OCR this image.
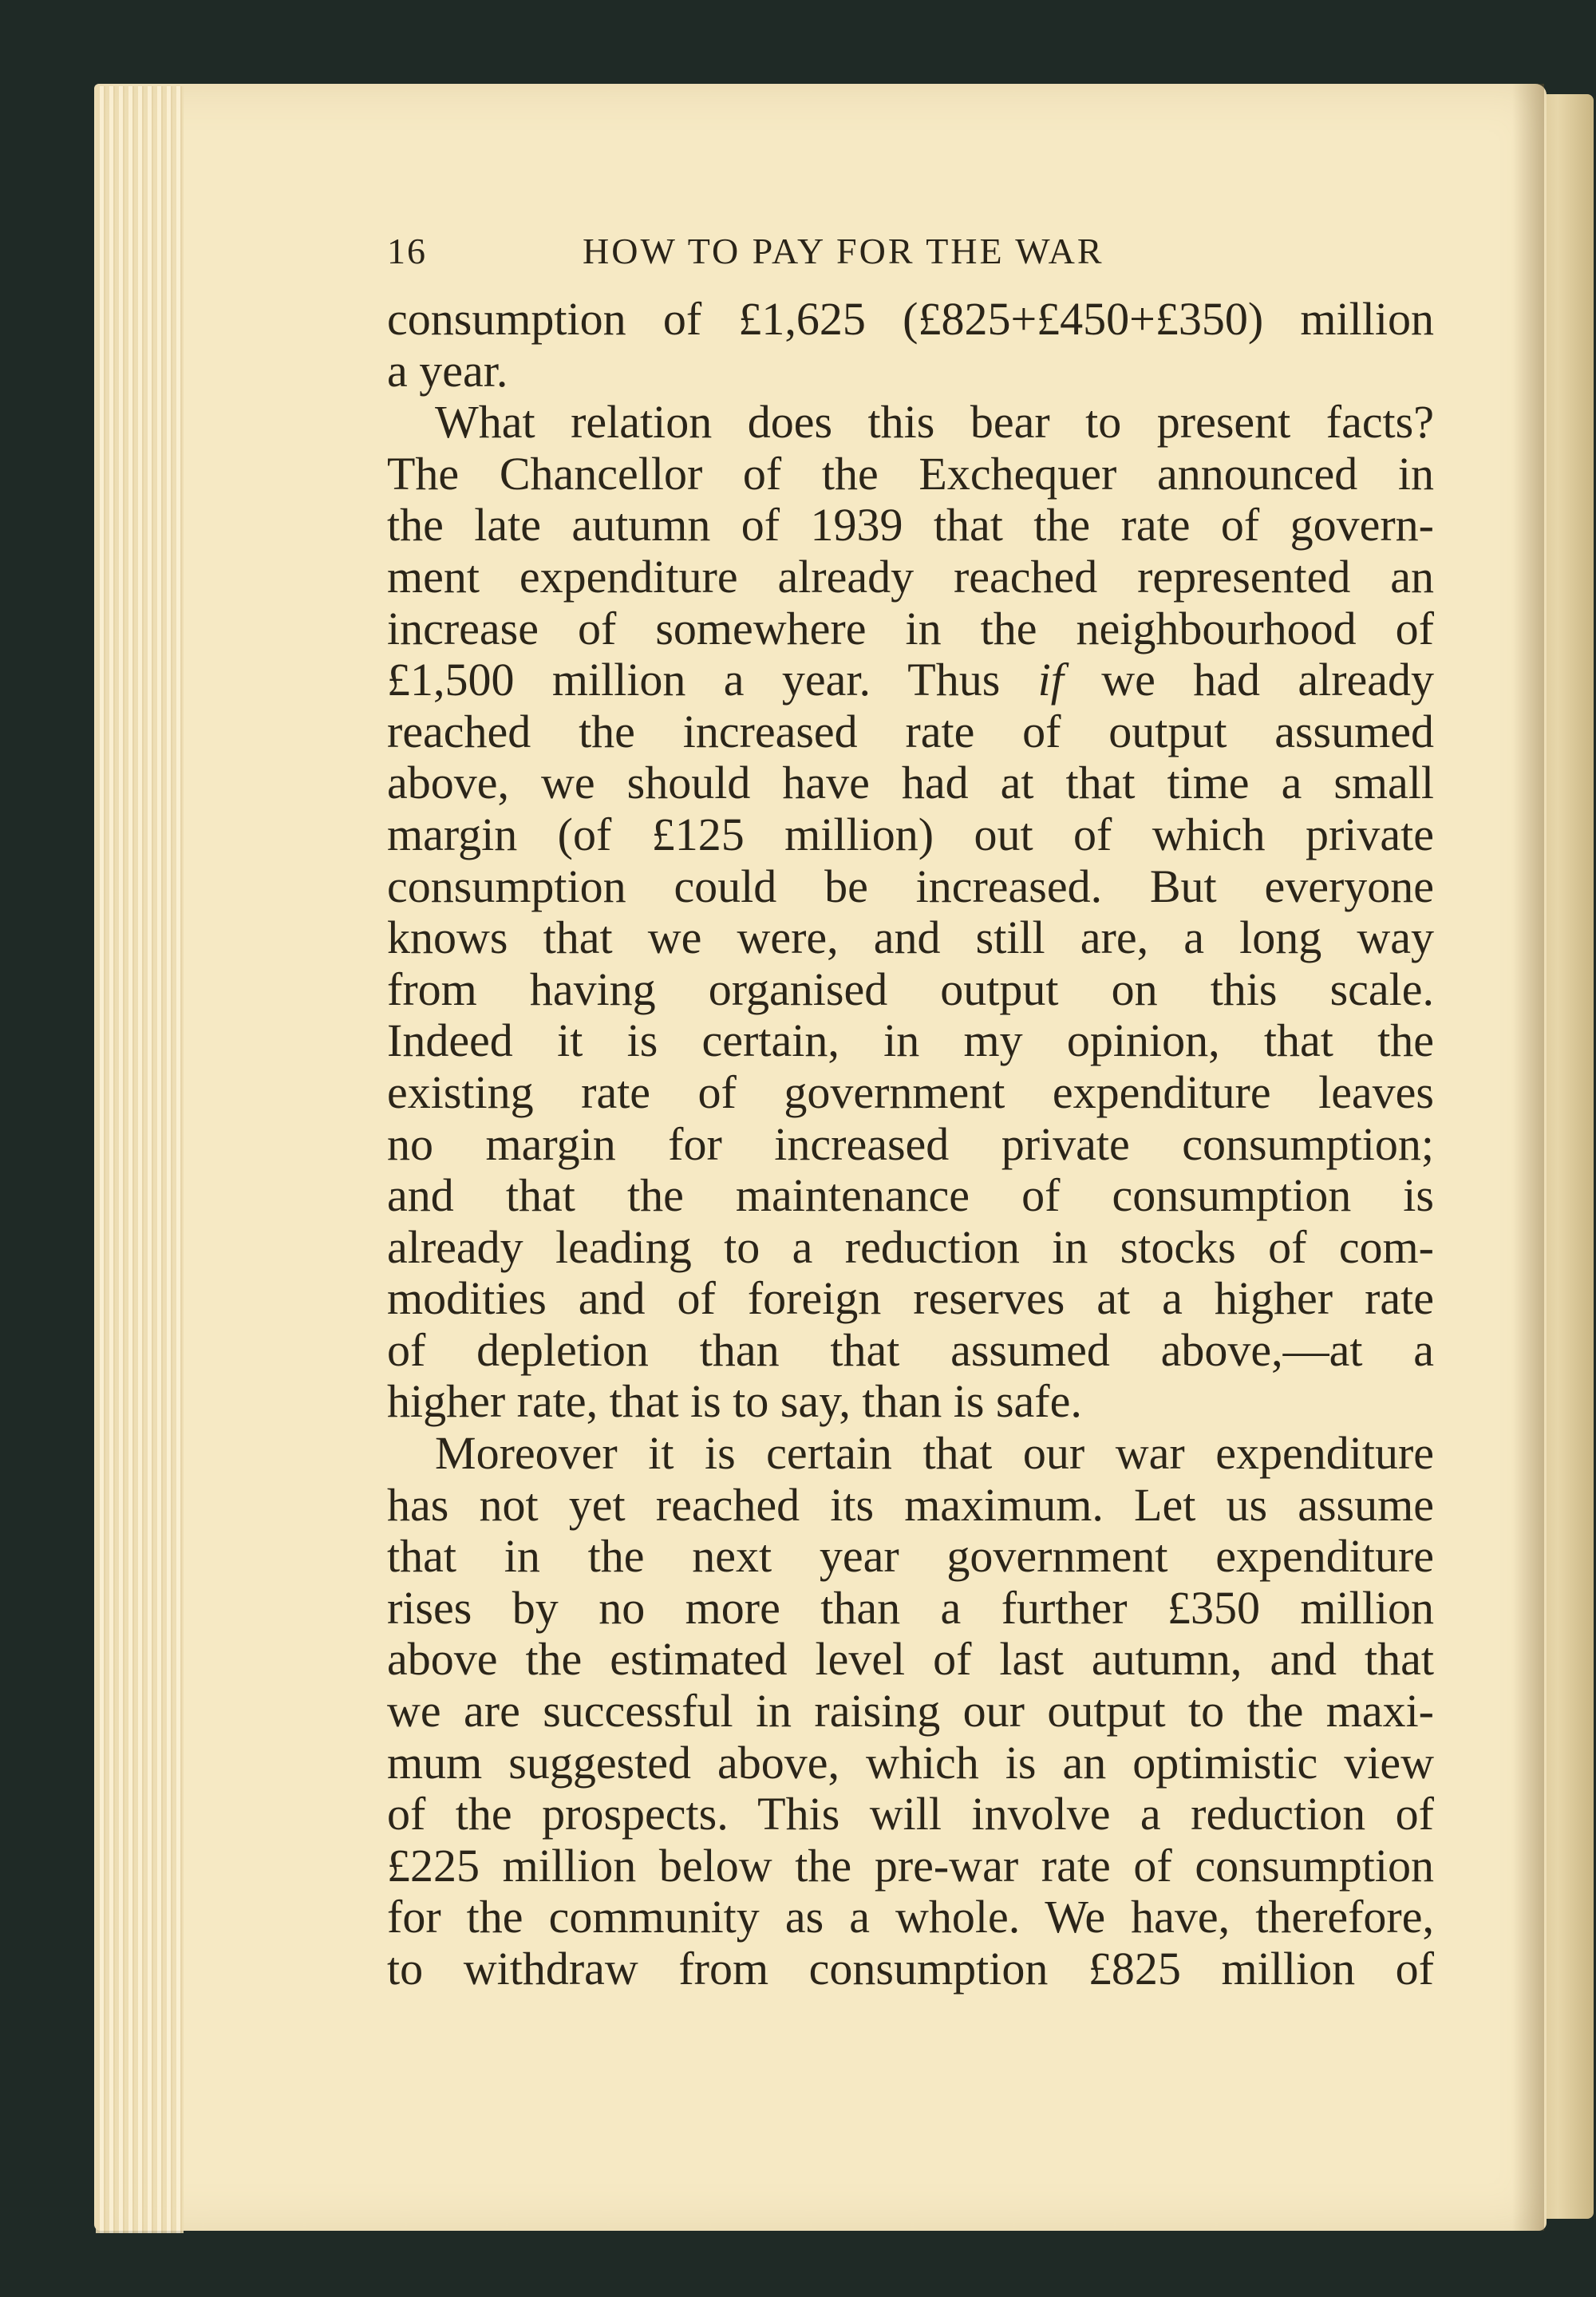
16	HOW TO PAY FOR THE WAR
consumption of £1,625 (£825+£450+£350) million
a year.
What relation does this bear to present facts?
The Chancellor of the Exchequer announced in
the late autumn of 1939 that the rate of govern-
ment expenditure already reached represented an
increase of somewhere in the neighbourhood of
£1,500 million a year. Thus if we had already
reached the increased rate of output assumed
above, we should have had at that time a small
margin (of £125 million) out of which private
consumption could be increased. But everyone
knows that we were, and still are, a long way
from having organised output on this scale.
Indeed it is certain, in my opinion, that the
existing rate of government expenditure leaves
no margin for increased private consumption;
and that the maintenance of consumption is
already leading to a reduction in stocks of com-
modities and of foreign reserves at a higher rate
of depletion than that assumed above,—at a
higher rate, that is to say, than is safe.
Moreover it is certain that our war expenditure
has not yet reached its maximum. Let us assume
that in the next year government expenditure
rises by no more than a further £350 million
above the estimated level of last autumn, and that
we are successful in raising our output to the maxi-
mum suggested above, which is an optimistic view
of the prospects. This will involve a reduction of
£225 million below the pre-war rate of consumption
for the community as a whole. We have, therefore,
to withdraw from consumption £825 million of
